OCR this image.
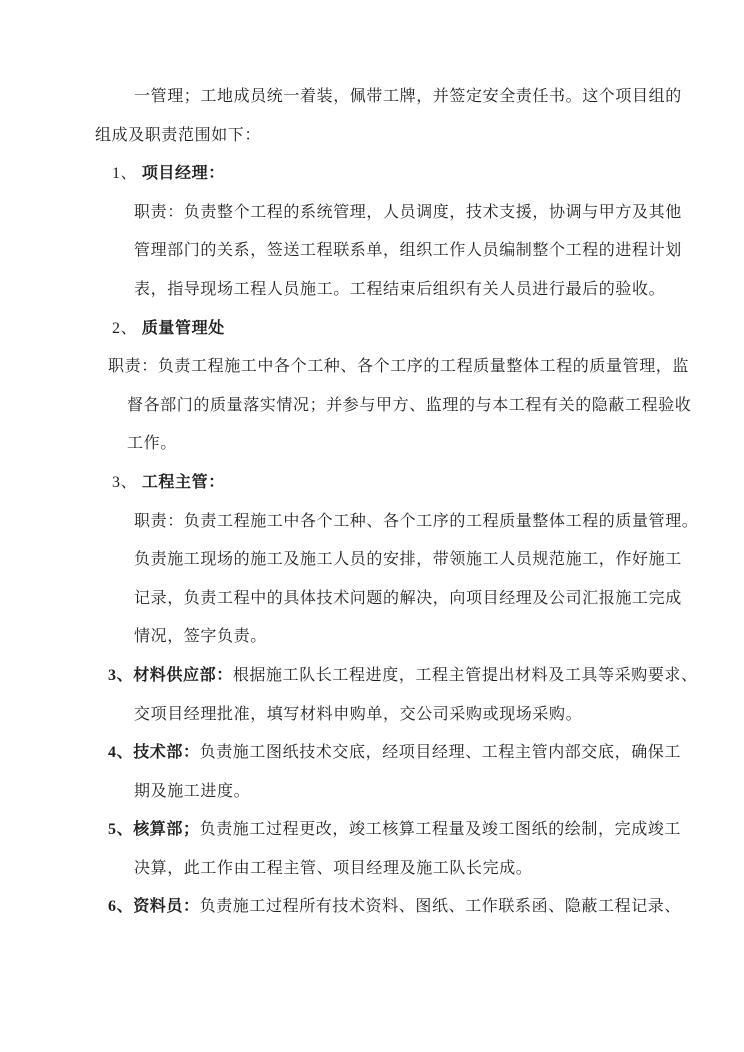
一管理；工地成员统一着装，佩带工牌，并签定安全责任书。这个项目组的
组成及职责范围如下：
1、 项目经理：
职责：负责整个工程的系统管理，人员调度，技术支援，协调与甲方及其他
管理部门的关系，签送工程联系单，组织工作人员编制整个工程的进程计划
表，指导现场工程人员施工。工程结束后组织有关人员进行最后的验收。
2、 质量管理处
职责：负责工程施工中各个工种、各个工序的工程质量整体工程的质量管理，监
督各部门的质量落实情况；并参与甲方、监理的与本工程有关的隐蔽工程验收
工作。
3、 工程主管：
职责：负责工程施工中各个工种、各个工序的工程质量整体工程的质量管理。
负责施工现场的施工及施工人员的安排，带领施工人员规范施工，作好施工
记录，负责工程中的具体技术问题的解决，向项目经理及公司汇报施工完成
情况，签字负责。
3、材料供应部：根据施工队长工程进度，工程主管提出材料及工具等采购要求、
交项目经理批准，填写材料申购单，交公司采购或现场采购。
4、技术部：负责施工图纸技术交底，经项目经理、工程主管内部交底，确保工
期及施工进度。
5、核算部；负责施工过程更改，竣工核算工程量及竣工图纸的绘制，完成竣工
决算，此工作由工程主管、项目经理及施工队长完成。
6、资料员：负责施工过程所有技术资料、图纸、工作联系函、隐蔽工程记录、
